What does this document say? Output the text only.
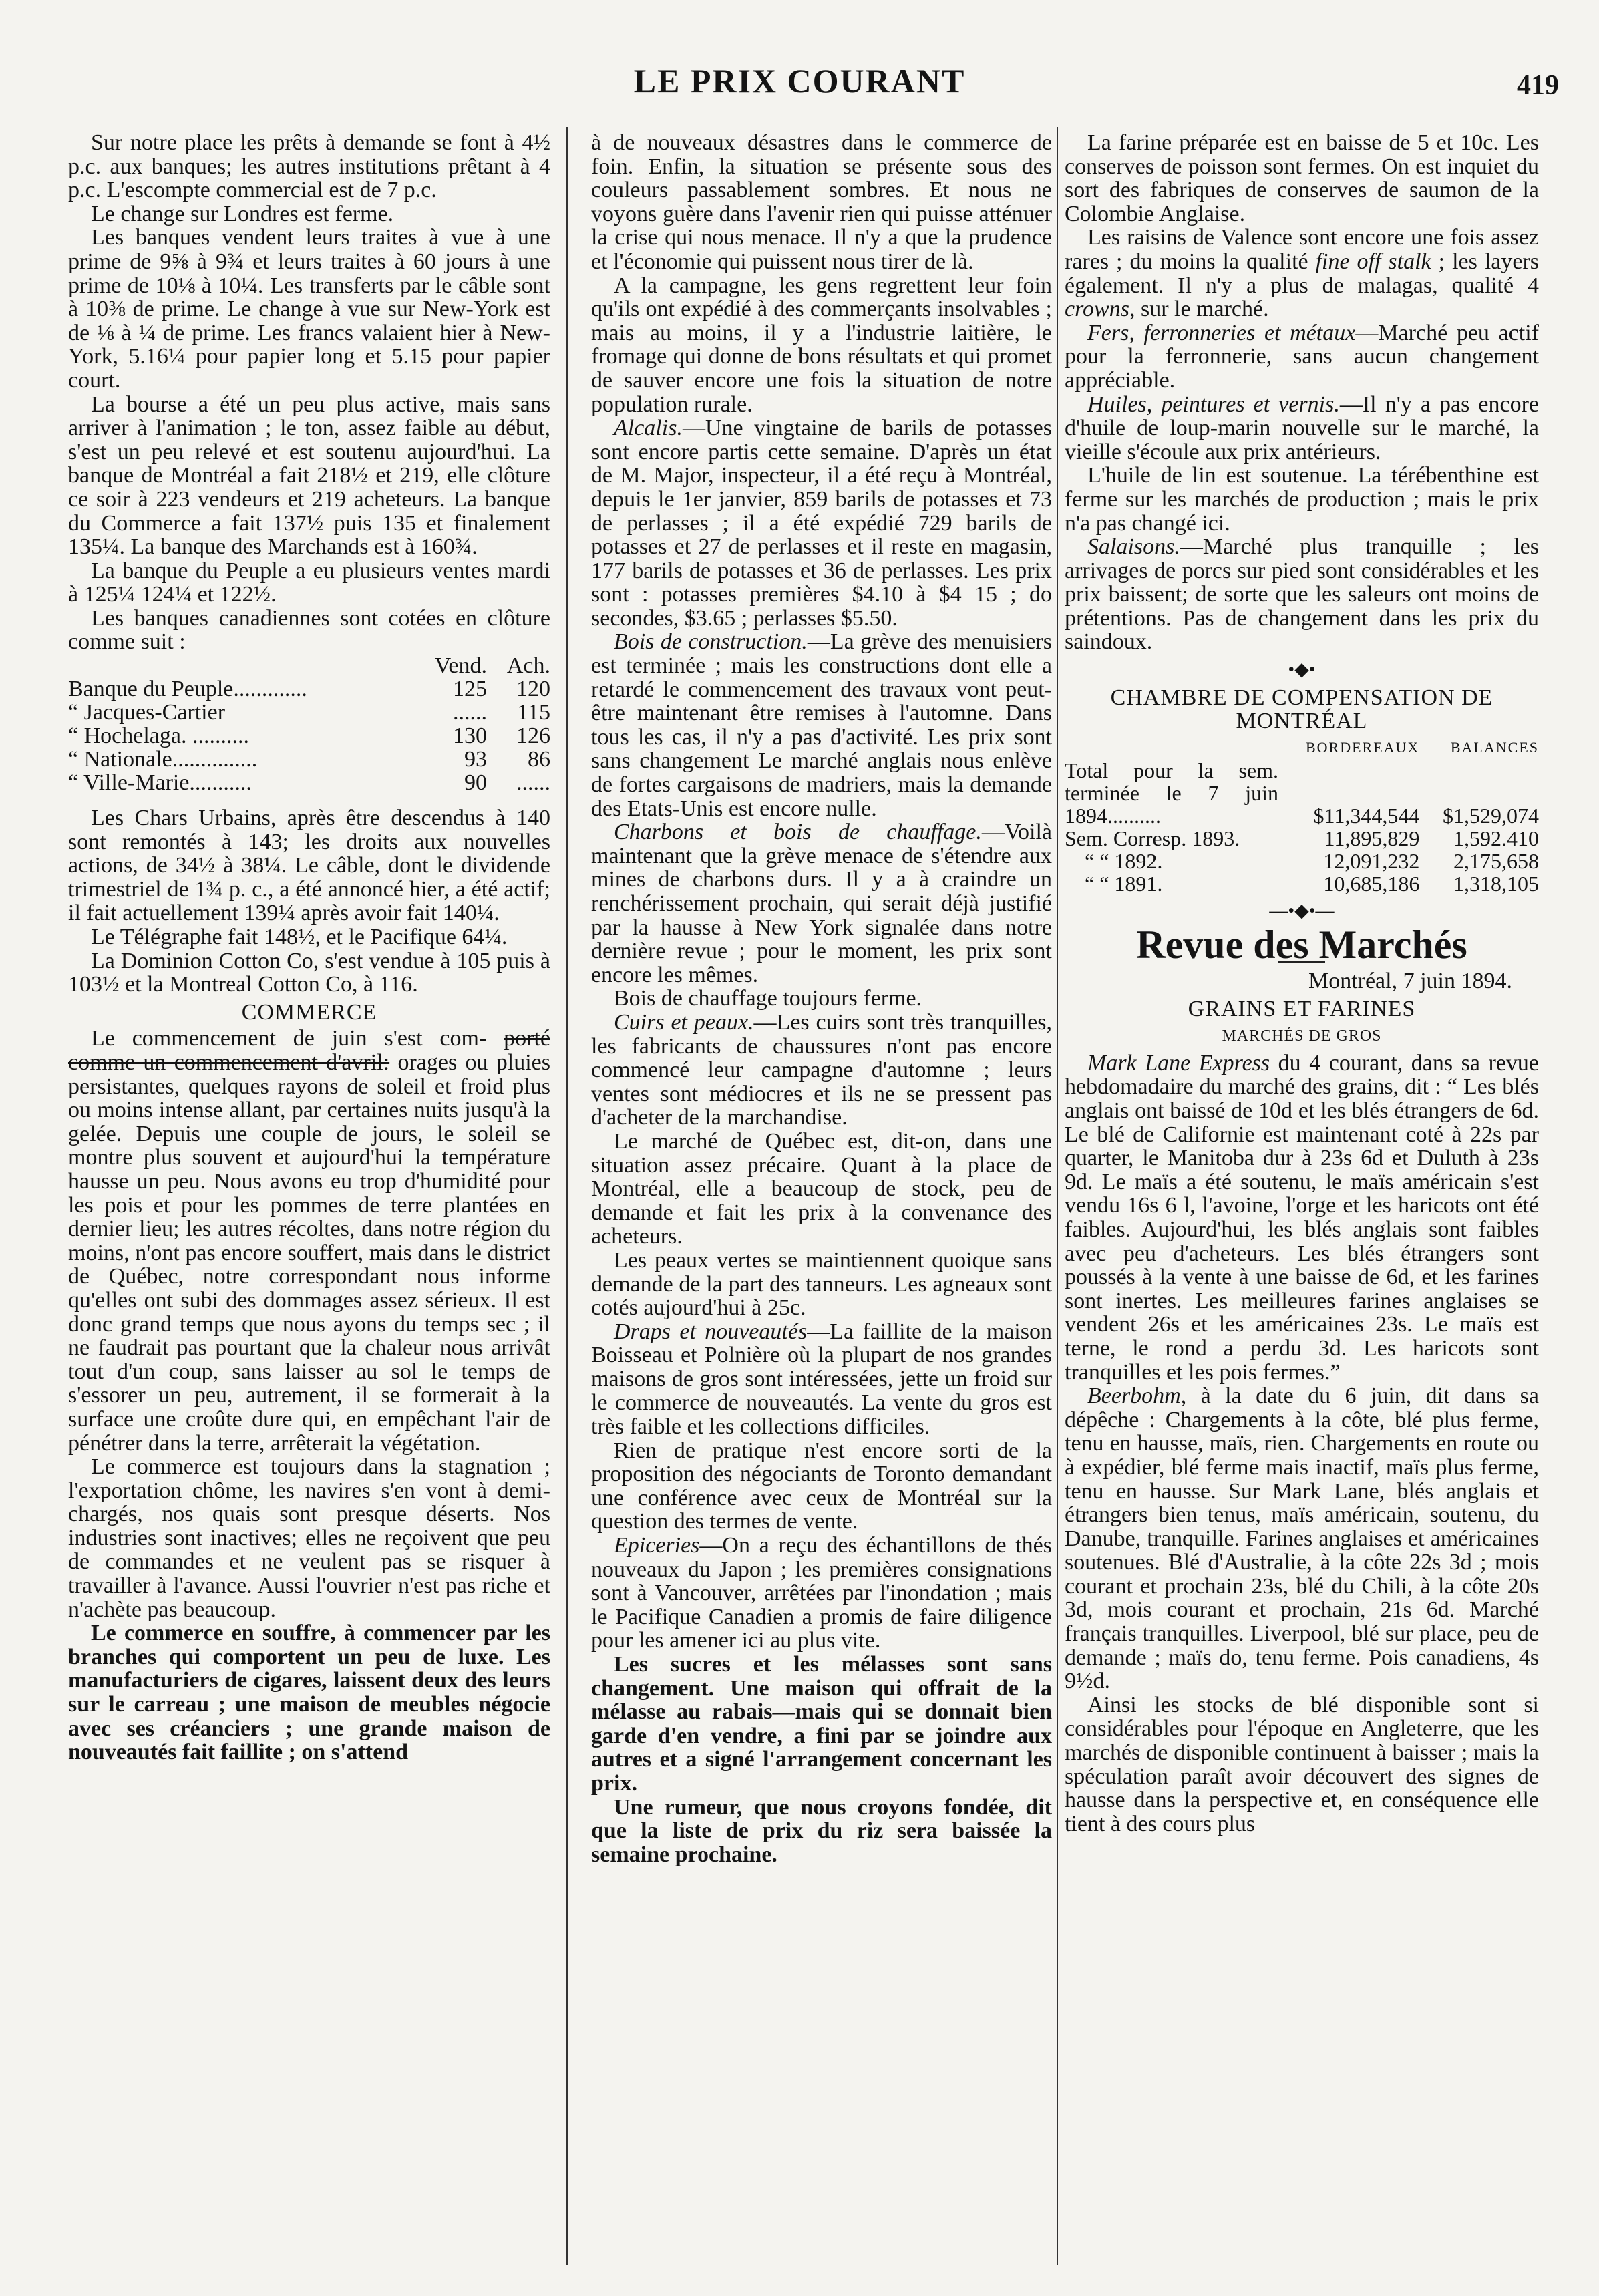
LE PRIX COURANT	419

Sur notre place les prêts à demande se font à 4½ p.c. aux banques; les autres institutions prêtant à 4 p.c. L'escompte commercial est de 7 p.c.

Le change sur Londres est ferme.

Les banques vendent leurs traites à vue à une prime de 9⅝ à 9¾ et leurs traites à 60 jours à une prime de 10⅛ à 10¼. Les transferts par le câble sont à 10⅜ de prime. Le change à vue sur New-York est de ⅛ à ¼ de prime. Les francs valaient hier à New-York, 5.16¼ pour papier long et 5.15 pour papier court.

La bourse a été un peu plus active, mais sans arriver à l'animation ; le ton, assez faible au début, s'est un peu relevé et est soutenu aujourd'hui. La banque de Montréal a fait 218½ et 219, elle clôture ce soir à 223 vendeurs et 219 acheteurs. La banque du Commerce a fait 137½ puis 135 et finalement 135¼. La banque des Marchands est à 160¾.

La banque du Peuple a eu plusieurs ventes mardi à 125¼ 124¼ et 122½.

Les banques canadiennes sont cotées en clôture comme suit :

	Vend.	Ach.
Banque du Peuple.............	125	120
“ Jacques-Cartier	......	115
“ Hochelaga. ..........	130	126
“ Nationale...............	93	86
“ Ville-Marie...........	90	......

Les Chars Urbains, après être descendus à 140 sont remontés à 143; les droits aux nouvelles actions, de 34½ à 38¼. Le câble, dont le dividende trimestriel de 1¾ p. c., a été annoncé hier, a été actif; il fait actuellement 139¼ après avoir fait 140¼.

Le Télégraphe fait 148½, et le Pacifique 64¼.

La Dominion Cotton Co, s'est vendue à 105 puis à 103½ et la Montreal Cotton Co, à 116.

COMMERCE

Le commencement de juin s'est com- porté comme un commencement d'avril: orages ou pluies persistantes, quelques rayons de soleil et froid plus ou moins intense allant, par certaines nuits jusqu'à la gelée. Depuis une couple de jours, le soleil se montre plus souvent et aujourd'hui la température hausse un peu. Nous avons eu trop d'humidité pour les pois et pour les pommes de terre plantées en dernier lieu; les autres récoltes, dans notre région du moins, n'ont pas encore souffert, mais dans le district de Québec, notre correspondant nous informe qu'elles ont subi des dommages assez sérieux. Il est donc grand temps que nous ayons du temps sec ; il ne faudrait pas pourtant que la chaleur nous arrivât tout d'un coup, sans laisser au sol le temps de s'essorer un peu, autrement, il se formerait à la surface une croûte dure qui, en empêchant l'air de pénétrer dans la terre, arrêterait la végétation.

Le commerce est toujours dans la stagnation ; l'exportation chôme, les navires s'en vont à demi-chargés, nos quais sont presque déserts. Nos industries sont inactives; elles ne reçoivent que peu de commandes et ne veulent pas se risquer à travailler à l'avance. Aussi l'ouvrier n'est pas riche et n'achète pas beaucoup.

Le commerce en souffre, à commencer par les branches qui comportent un peu de luxe. Les manufacturiers de cigares, laissent deux des leurs sur le carreau ; une maison de meubles négocie avec ses créanciers ; une grande maison de nouveautés fait faillite ; on s'attend

à de nouveaux désastres dans le commerce de foin. Enfin, la situation se présente sous des couleurs passablement sombres. Et nous ne voyons guère dans l'avenir rien qui puisse atténuer la crise qui nous menace. Il n'y a que la prudence et l'économie qui puissent nous tirer de là.

A la campagne, les gens regrettent leur foin qu'ils ont expédié à des commerçants insolvables ; mais au moins, il y a l'industrie laitière, le fromage qui donne de bons résultats et qui promet de sauver encore une fois la situation de notre population rurale.

Alcalis.—Une vingtaine de barils de potasses sont encore partis cette semaine. D'après un état de M. Major, inspecteur, il a été reçu à Montréal, depuis le 1er janvier, 859 barils de potasses et 73 de perlasses ; il a été expédié 729 barils de potasses et 27 de perlasses et il reste en magasin, 177 barils de potasses et 36 de perlasses. Les prix sont : potasses premières $4.10 à $4 15 ; do secondes, $3.65 ; perlasses $5.50.

Bois de construction.—La grève des menuisiers est terminée ; mais les constructions dont elle a retardé le commencement des travaux vont peut-être maintenant être remises à l'automne. Dans tous les cas, il n'y a pas d'activité. Les prix sont sans changement Le marché anglais nous enlève de fortes cargaisons de madriers, mais la demande des Etats-Unis est encore nulle.

Charbons et bois de chauffage.—Voilà maintenant que la grève menace de s'étendre aux mines de charbons durs. Il y a à craindre un renchérissement prochain, qui serait déjà justifié par la hausse à New York signalée dans notre dernière revue ; pour le moment, les prix sont encore les mêmes.

Bois de chauffage toujours ferme.

Cuirs et peaux.—Les cuirs sont très tranquilles, les fabricants de chaussures n'ont pas encore commencé leur campagne d'automne ; leurs ventes sont médiocres et ils ne se pressent pas d'acheter de la marchandise.

Le marché de Québec est, dit-on, dans une situation assez précaire. Quant à la place de Montréal, elle a beaucoup de stock, peu de demande et fait les prix à la convenance des acheteurs.

Les peaux vertes se maintiennent quoique sans demande de la part des tanneurs. Les agneaux sont cotés aujourd'hui à 25c.

Draps et nouveautés—La faillite de la maison Boisseau et Polnière où la plupart de nos grandes maisons de gros sont intéressées, jette un froid sur le commerce de nouveautés. La vente du gros est très faible et les collections difficiles.

Rien de pratique n'est encore sorti de la proposition des négociants de Toronto demandant une conférence avec ceux de Montréal sur la question des termes de vente.

Epiceries—On a reçu des échantillons de thés nouveaux du Japon ; les premières consignations sont à Vancouver, arrêtées par l'inondation ; mais le Pacifique Canadien a promis de faire diligence pour les amener ici au plus vite.

Les sucres et les mélasses sont sans changement. Une maison qui offrait de la mélasse au rabais—mais qui se donnait bien garde d'en vendre, a fini par se joindre aux autres et a signé l'arrangement concernant les prix.

Une rumeur, que nous croyons fondée, dit que la liste de prix du riz sera baissée la semaine prochaine.

La farine préparée est en baisse de 5 et 10c. Les conserves de poisson sont fermes. On est inquiet du sort des fabriques de conserves de saumon de la Colombie Anglaise.

Les raisins de Valence sont encore une fois assez rares ; du moins la qualité fine off stalk ; les layers également. Il n'y a plus de malagas, qualité 4 crowns, sur le marché.

Fers, ferronneries et métaux—Marché peu actif pour la ferronnerie, sans aucun changement appréciable.

Huiles, peintures et vernis.—Il n'y a pas encore d'huile de loup-marin nouvelle sur le marché, la vieille s'écoule aux prix antérieurs.

L'huile de lin est soutenue. La térébenthine est ferme sur les marchés de production ; mais le prix n'a pas changé ici.

Salaisons.—Marché plus tranquille ; les arrivages de porcs sur pied sont considérables et les prix baissent; de sorte que les saleurs ont moins de prétentions. Pas de changement dans les prix du saindoux.

•◆•
CHAMBRE DE COMPENSATION DE MONTRÉAL
	BORDEREAUX	BALANCES
Total pour la sem. terminée le 7 juin 1894..........	$11,344,544	$1,529,074
Sem. Corresp. 1893.	11,895,829	1,592.410
“ “ 1892.	12,091,232	2,175,658
“ “ 1891.	10,685,186	1,318,105
—•◆•—
Revue des Marchés

Montréal, 7 juin 1894.

GRAINS ET FARINES
MARCHÉS DE GROS

Mark Lane Express du 4 courant, dans sa revue hebdomadaire du marché des grains, dit : “ Les blés anglais ont baissé de 10d et les blés étrangers de 6d. Le blé de Californie est maintenant coté à 22s par quarter, le Manitoba dur à 23s 6d et Duluth à 23s 9d. Le maïs a été soutenu, le maïs américain s'est vendu 16s 6 l, l'avoine, l'orge et les haricots ont été faibles. Aujourd'hui, les blés anglais sont faibles avec peu d'acheteurs. Les blés étrangers sont poussés à la vente à une baisse de 6d, et les farines sont inertes. Les meilleures farines anglaises se vendent 26s et les américaines 23s. Le maïs est terne, le rond a perdu 3d. Les haricots sont tranquilles et les pois fermes.”

Beerbohm, à la date du 6 juin, dit dans sa dépêche : Chargements à la côte, blé plus ferme, tenu en hausse, maïs, rien. Chargements en route ou à expédier, blé ferme mais inactif, maïs plus ferme, tenu en hausse. Sur Mark Lane, blés anglais et étrangers bien tenus, maïs américain, soutenu, du Danube, tranquille. Farines anglaises et américaines soutenues. Blé d'Australie, à la côte 22s 3d ; mois courant et prochain 23s, blé du Chili, à la côte 20s 3d, mois courant et prochain, 21s 6d. Marché français tranquilles. Liverpool, blé sur place, peu de demande ; maïs do, tenu ferme. Pois canadiens, 4s 9½d.

Ainsi les stocks de blé disponible sont si considérables pour l'époque en Angleterre, que les marchés de disponible continuent à baisser ; mais la spéculation paraît avoir découvert des signes de hausse dans la perspective et, en conséquence elle tient à des cours plus
